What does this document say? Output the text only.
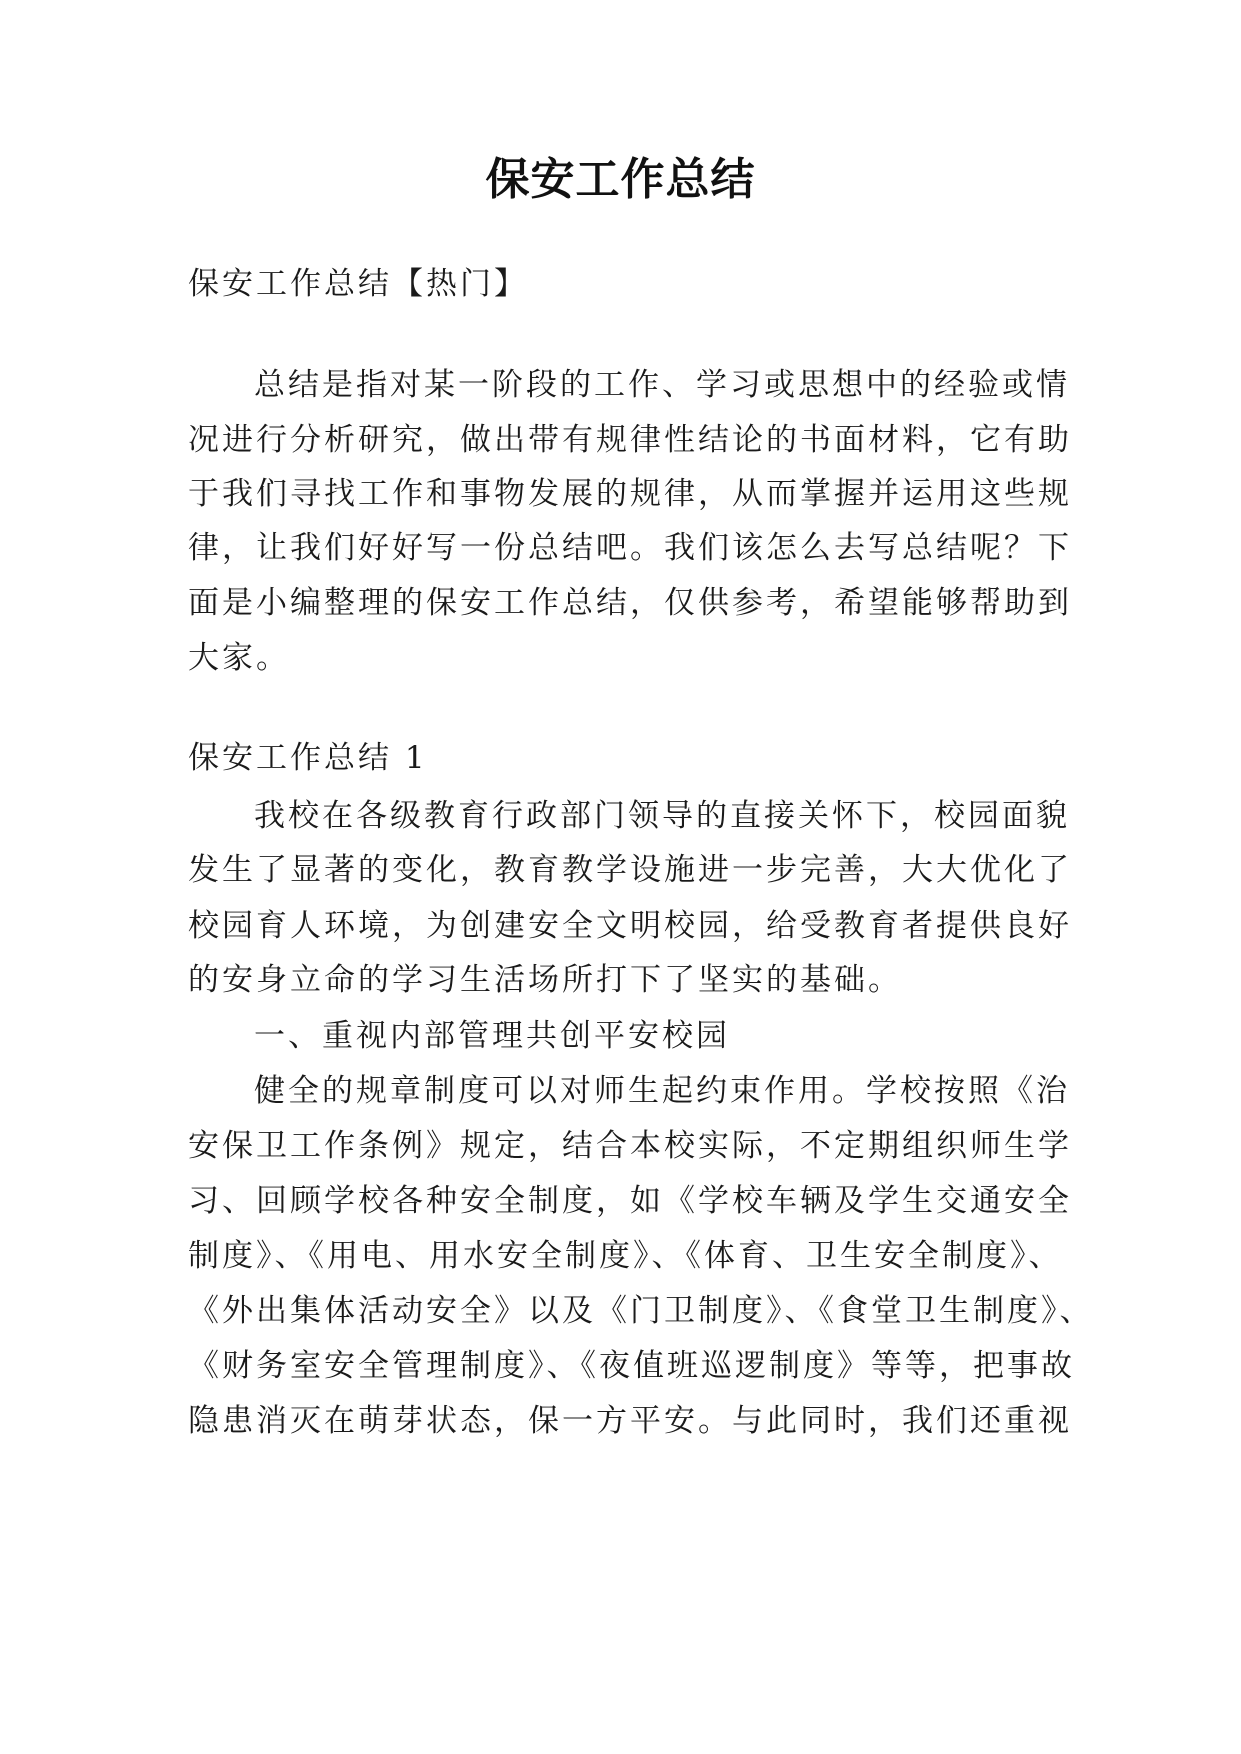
保安工作总结
保安工作总结【热门】
总结是指对某一阶段的工作、学习或思想中的经验或情
况进行分析研究，做出带有规律性结论的书面材料，它有助
于我们寻找工作和事物发展的规律，从而掌握并运用这些规
律，让我们好好写一份总结吧。我们该怎么去写总结呢？下
面是小编整理的保安工作总结，仅供参考，希望能够帮助到
大家。
保安工作总结 1
我校在各级教育行政部门领导的直接关怀下，校园面貌
发生了显著的变化，教育教学设施进一步完善，大大优化了
校园育人环境，为创建安全文明校园，给受教育者提供良好
的安身立命的学习生活场所打下了坚实的基础。
一、重视内部管理共创平安校园
健全的规章制度可以对师生起约束作用。学校按照《治
安保卫工作条例》规定，结合本校实际，不定期组织师生学
习、回顾学校各种安全制度，如《学校车辆及学生交通安全
制度》、《用电、用水安全制度》、《体育、卫生安全制度》、
《外出集体活动安全》以及《门卫制度》、《食堂卫生制度》、
《财务室安全管理制度》、《夜值班巡逻制度》等等，把事故
隐患消灭在萌芽状态，保一方平安。与此同时，我们还重视
